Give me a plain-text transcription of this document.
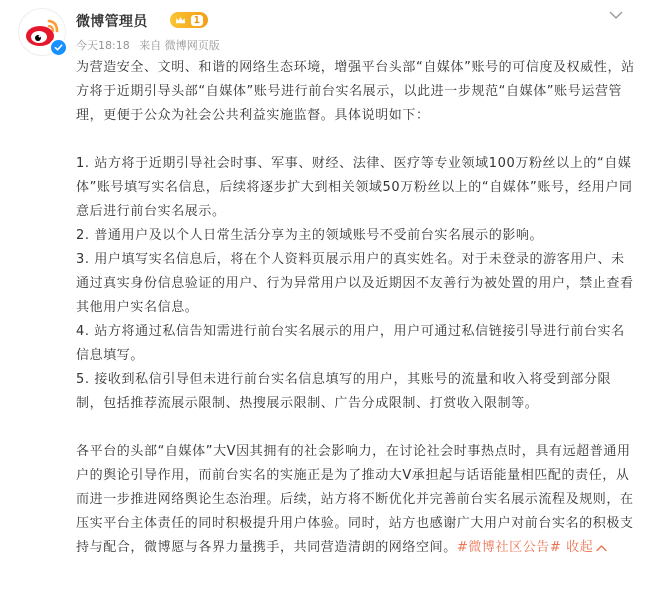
微博管理员	1
今天18:18 来自 微博网页版

为营造安全、文明、和谐的网络生态环境，增强平台头部“自媒体”账号的可信度及权威性，站方将于近期引导头部“自媒体”账号进行前台实名展示，以此进一步规范“自媒体”账号运营管理，更便于公众为社会公共利益实施监督。具体说明如下：

1. 站方将于近期引导社会时事、军事、财经、法律、医疗等专业领域100万粉丝以上的“自媒体”账号填写实名信息，后续将逐步扩大到相关领域50万粉丝以上的“自媒体”账号，经用户同意后进行前台实名展示。

2. 普通用户及以个人日常生活分享为主的领域账号不受前台实名展示的影响。

3. 用户填写实名信息后，将在个人资料页展示用户的真实姓名。对于未登录的游客用户、未通过真实身份信息验证的用户、行为异常用户以及近期因不友善行为被处置的用户，禁止查看其他用户实名信息。

4. 站方将通过私信告知需进行前台实名展示的用户，用户可通过私信链接引导进行前台实名信息填写。

5. 接收到私信引导但未进行前台实名信息填写的用户，其账号的流量和收入将受到部分限制，包括推荐流展示限制、热搜展示限制、广告分成限制、打赏收入限制等。

各平台的头部“自媒体”大V因其拥有的社会影响力，在讨论社会时事热点时，具有远超普通用户的舆论引导作用，而前台实名的实施正是为了推动大V承担起与话语能量相匹配的责任，从而进一步推进网络舆论生态治理。后续，站方将不断优化并完善前台实名展示流程及规则，在压实平台主体责任的同时积极提升用户体验。同时，站方也感谢广大用户对前台实名的积极支持与配合，微博愿与各界力量携手，共同营造清朗的网络空间。#微博社区公告# 收起
